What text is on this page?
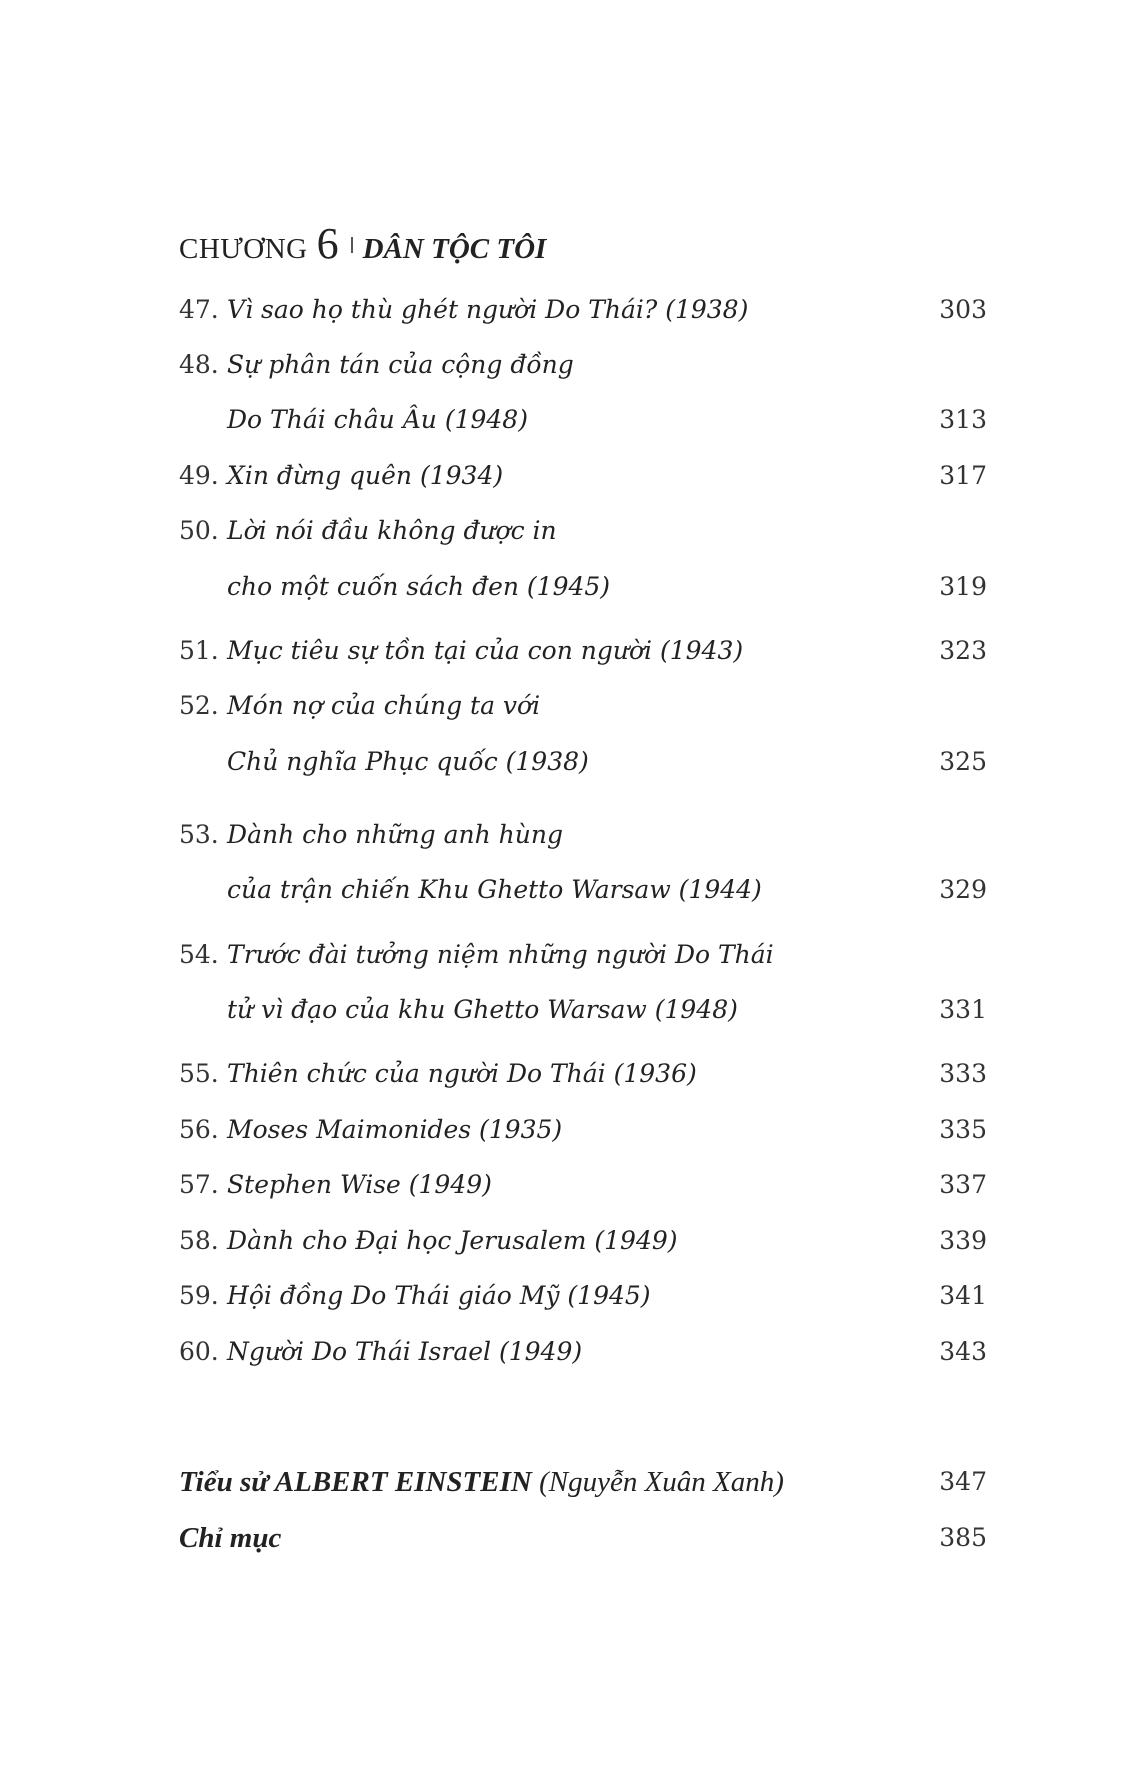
CHƯƠNG 6 DÂN TỘC TÔI
47. Vì sao họ thù ghét người Do Thái? (1938)	303
48. Sự phân tán của cộng đồng
Do Thái châu Âu (1948)	313
49. Xin đừng quên (1934)	317
50. Lời nói đầu không được in
cho một cuốn sách đen (1945)	319
51. Mục tiêu sự tồn tại của con người (1943)	323
52. Món nợ của chúng ta với
Chủ nghĩa Phục quốc (1938)	325
53. Dành cho những anh hùng
của trận chiến Khu Ghetto Warsaw (1944)	329
54. Trước đài tưởng niệm những người Do Thái
tử vì đạo của khu Ghetto Warsaw (1948)	331
55. Thiên chức của người Do Thái (1936)	333
56. Moses Maimonides (1935)	335
57. Stephen Wise (1949)	337
58. Dành cho Đại học Jerusalem (1949)	339
59. Hội đồng Do Thái giáo Mỹ (1945)	341
60. Người Do Thái Israel (1949)	343
Tiểu sử ALBERT EINSTEIN (Nguyễn Xuân Xanh)	347
Chỉ mục	385
